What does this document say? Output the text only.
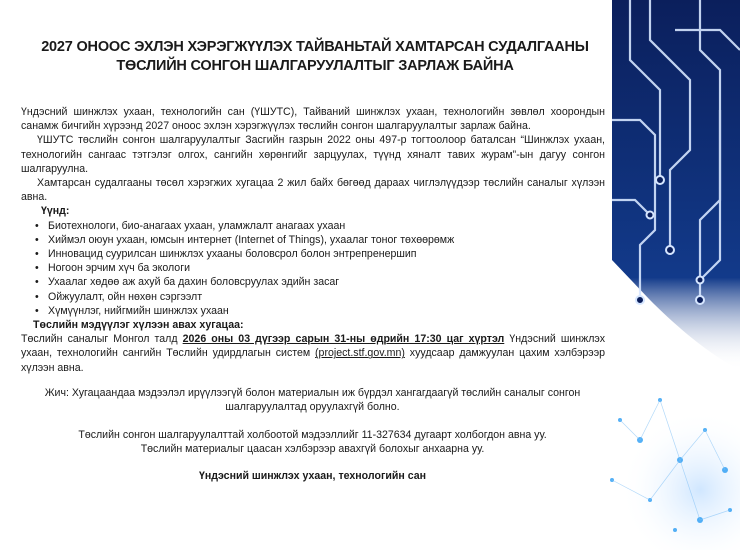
2027 ОНООС ЭХЛЭН ХЭРЭГЖҮҮЛЭХ ТАЙВАНЬТАЙ ХАМТАРСАН СУДАЛГААНЫ
ТӨСЛИЙН СОНГОН ШАЛГАРУУЛАЛТЫГ ЗАРЛАЖ БАЙНА

Үндэсний шинжлэх ухаан, технологийн сан (ҮШУТС), Тайваний шинжлэх ухаан, технологийн зөвлөл хоорондын санамж бичгийн хүрээнд 2027 оноос эхлэн хэрэгжүүлэх төслийн сонгон шалгаруулалтыг зарлаж байна.

ҮШУТС төслийн сонгон шалгаруулалтыг Засгийн газрын 2022 оны 497-р тогтоолоор баталсан “Шинжлэх ухаан, технологийн сангаас тэтгэлэг олгох, сангийн хөрөнгийг зарцуулах, түүнд хяналт тавих журам”-ын дагуу сонгон шалгаруулна.

Хамтарсан судалгааны төсөл хэрэгжих хугацаа 2 жил байх бөгөөд дараах чиглэлүүдээр төслийн саналыг хүлээн авна.

Үүнд:

• Биотехнологи, био-анагаах ухаан, уламжлалт анагаах ухаан
• Хиймэл оюун ухаан, юмсын интернет (Internet of Things), ухаалаг тоног төхөөрөмж
• Инновацид суурилсан шинжлэх ухааны боловсрол болон энтрепренершип
• Ногоон эрчим хүч ба экологи
• Ухаалаг хөдөө аж ахуй ба дахин боловсруулах эдийн засаг
• Ойжуулалт, ойн нөхөн сэргээлт
• Хүмүүнлэг, нийгмийн шинжлэх ухаан

Төслийн мэдүүлэг хүлээн авах хугацаа:

Төслийн саналыг Монгол талд 2026 оны 03 дүгээр сарын 31-ны өдрийн 17:30 цаг хүртэл Үндэсний шинжлэх ухаан, технологийн сангийн Төслийн удирдлагын систем (project.stf.gov.mn) хуудсаар дамжуулан цахим хэлбэрээр хүлээн авна.

Жич: Хугацаандаа мэдээлэл ирүүлээгүй болон материалын иж бүрдэл хангагдаагүй төслийн саналыг сонгон
шалгаруулалтад оруулахгүй болно.
Төслийн сонгон шалгаруулалттай холбоотой мэдээллийг 11-327634 дугаарт холбогдон авна уу.
Төслийн материалыг цаасан хэлбэрээр авахгүй болохыг анхаарна уу.
Үндэсний шинжлэх ухаан, технологийн сан
